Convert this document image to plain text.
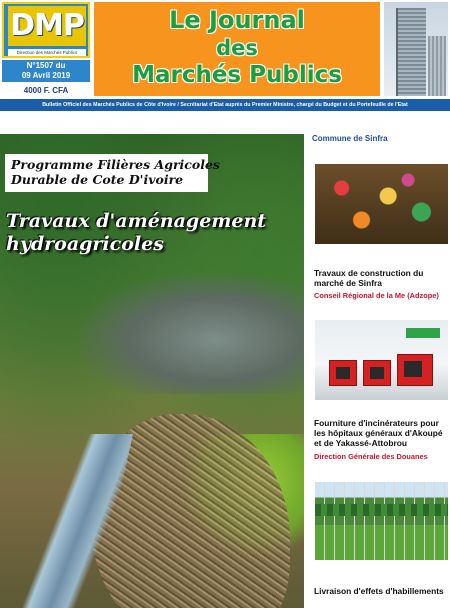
DMP
Direction des Marchés Publics
N°1507 du
09 Avril 2019
4000 F. CFA
Le Journal
des
Marchés Publics
Bulletin Officiel des Marchés Publics de Côte d'Ivoire / Secrétariat d'Etat auprès du Premier Ministre, chargé du Budget et du Portefeuille de l'Etat
Programme Filières Agricoles
Durable de Cote D'ivoire
Travaux d'aménagement
hydroagricoles
Commune de Sinfra
Travaux de construction du
marché de Sinfra
Conseil Régional de la Me (Adzope)
Fourniture d'incinérateurs pour
les hôpitaux généraux d'Akoupé
et de Yakassé-Attobrou
Direction Générale des Douanes
Livraison d'effets d'habillements
